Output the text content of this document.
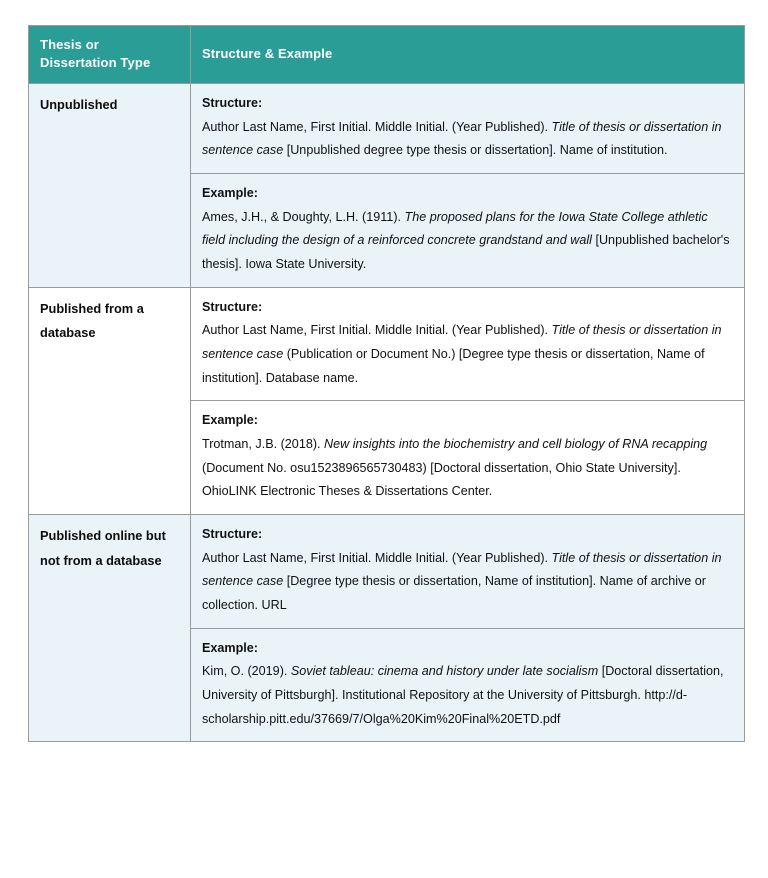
Thesis or
Dissertation Type	Structure & Example
Unpublished	Structure:
Author Last Name, First Initial. Middle Initial. (Year Published). Title of thesis or dissertation in sentence case [Unpublished degree type thesis or dissertation]. Name of institution.

	Example:
Ames, J.H., & Doughty, L.H. (1911). The proposed plans for the Iowa State College athletic field including the design of a reinforced concrete grandstand and wall [Unpublished bachelor's thesis]. Iowa State University.

Published from a database	Structure:
Author Last Name, First Initial. Middle Initial. (Year Published). Title of thesis or dissertation in sentence case (Publication or Document No.) [Degree type thesis or dissertation, Name of institution]. Database name.

	Example:
Trotman, J.B. (2018). New insights into the biochemistry and cell biology of RNA recapping (Document No. osu1523896565730483) [Doctoral dissertation, Ohio State University]. OhioLINK Electronic Theses & Dissertations Center.

Published online but not from a database	Structure:
Author Last Name, First Initial. Middle Initial. (Year Published). Title of thesis or dissertation in sentence case [Degree type thesis or dissertation, Name of institution]. Name of archive or collection. URL

	Example:
Kim, O. (2019). Soviet tableau: cinema and history under late socialism [Doctoral dissertation, University of Pittsburgh]. Institutional Repository at the University of Pittsburgh. http://d- scholarship.pitt.edu/37669/7/Olga%20Kim%20Final%20ETD.pdf
